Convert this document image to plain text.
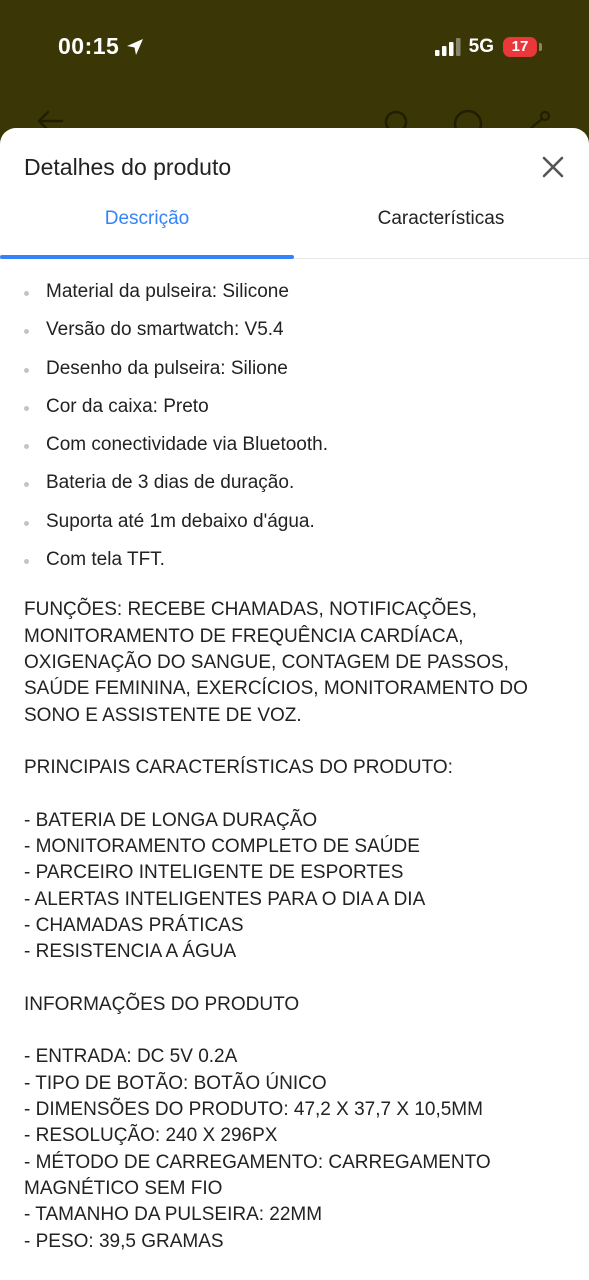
00:15	5G	17
Detalhes do produto
Descrição	Características
Material da pulseira: Silicone
Versão do smartwatch: V5.4
Desenho da pulseira: Silione
Cor da caixa: Preto
Com conectividade via Bluetooth.
Bateria de 3 dias de duração.
Suporta até 1m debaixo d'água.
Com tela TFT.

FUNÇÕES: RECEBE CHAMADAS, NOTIFICAÇÕES, MONITORAMENTO DE FREQUÊNCIA CARDÍACA, OXIGENAÇÃO DO SANGUE, CONTAGEM DE PASSOS, SAÚDE FEMININA, EXERCÍCIOS, MONITORAMENTO DO SONO E ASSISTENTE DE VOZ.

PRINCIPAIS CARACTERÍSTICAS DO PRODUTO:

- BATERIA DE LONGA DURAÇÃO

- MONITORAMENTO COMPLETO DE SAÚDE

- PARCEIRO INTELIGENTE DE ESPORTES

- ALERTAS INTELIGENTES PARA O DIA A DIA

- CHAMADAS PRÁTICAS

- RESISTENCIA A ÁGUA

INFORMAÇÕES DO PRODUTO

- ENTRADA: DC 5V 0.2A

- TIPO DE BOTÃO: BOTÃO ÚNICO

- DIMENSÕES DO PRODUTO: 47,2 X 37,7 X 10,5MM

- RESOLUÇÃO: 240 X 296PX

- MÉTODO DE CARREGAMENTO: CARREGAMENTO MAGNÉTICO SEM FIO

- TAMANHO DA PULSEIRA: 22MM

- PESO: 39,5 GRAMAS
